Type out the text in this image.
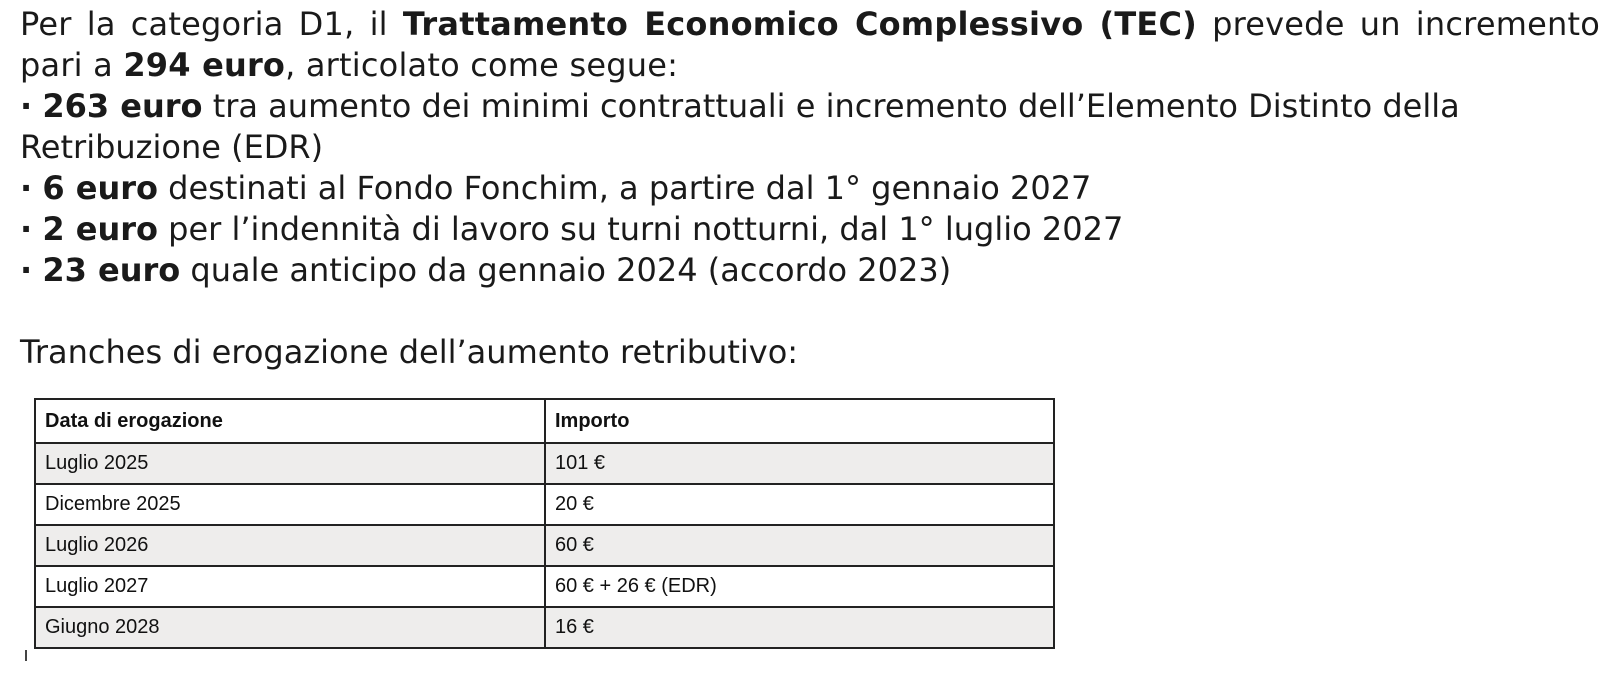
Per la categoria D1, il Trattamento Economico Complessivo (TEC) prevede un incremento pari a 294 euro, articolato come segue:

· 263 euro tra aumento dei minimi contrattuali e incremento dell’Elemento Distinto della Retribuzione (EDR)
· 6 euro destinati al Fondo Fonchim, a partire dal 1° gennaio 2027
· 2 euro per l’indennità di lavoro su turni notturni, dal 1° luglio 2027
· 23 euro quale anticipo da gennaio 2024 (accordo 2023)

Tranches di erogazione dell’aumento retributivo:

Data di erogazione	Importo
Luglio 2025	101 €
Dicembre 2025	20 €
Luglio 2026	60 €
Luglio 2027	60 € + 26 € (EDR)
Giugno 2028	16 €
